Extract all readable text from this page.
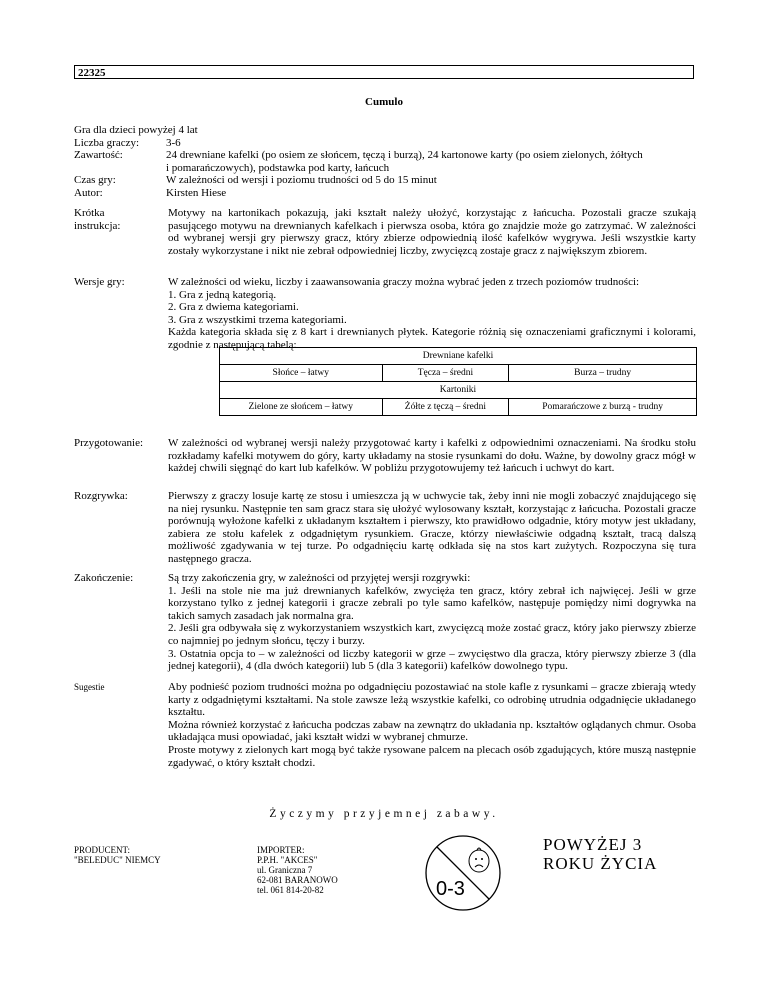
22325
Cumulo
Gra dla dzieci powyżej 4 lat
Liczba graczy:	3-6
Zawartość:	24 drewniane kafelki (po osiem ze słońcem, tęczą i burzą), 24 kartonowe karty (po osiem zielonych, żółtych
i pomarańczowych), podstawka pod karty, łańcuch
Czas gry:	W zależności od wersji i poziomu trudności od 5 do 15 minut
Autor:	Kirsten Hiese
Krótka
instrukcja:
Motywy na kartonikach pokazują, jaki kształt należy ułożyć, korzystając z łańcucha. Pozostali gracze szukają pasującego motywu na drewnianych kafelkach i pierwsza osoba, która go znajdzie może go zatrzymać. W zależności od wybranej wersji gry pierwszy gracz, który zbierze odpowiednią ilość kafelków wygrywa. Jeśli wszystkie karty zostały wykorzystane i nikt nie zebrał odpowiedniej liczby, zwycięzcą zostaje gracz z największym zbiorem.
Wersje gry:	W zależności od wieku, liczby i zaawansowania graczy można wybrać jeden z trzech poziomów trudności:

1. Gra z jedną kategorią.

2. Gra z dwiema kategoriami.

3. Gra z wszystkimi trzema kategoriami.

Każda kategoria składa się z 8 kart i drewnianych płytek. Kategorie różnią się oznaczeniami graficznymi i kolorami, zgodnie z następującą tabelą:

Drewniane kafelki		
Słońce – łatwy	Tęcza – średni	Burza – trudny
Kartoniki		
Zielone ze słońcem – łatwy	Żółte z tęczą – średni	Pomarańczowe z burzą - trudny
Przygotowanie:	W zależności od wybranej wersji należy przygotować karty i kafelki z odpowiednimi oznaczeniami. Na środku stołu rozkładamy kafelki motywem do góry, karty układamy na stosie rysunkami do dołu. Ważne, by dowolny gracz mógł w każdej chwili sięgnąć do kart lub kafelków. W pobliżu przygotowujemy też łańcuch i uchwyt do kart.
Rozgrywka:	Pierwszy z graczy losuje kartę ze stosu i umieszcza ją w uchwycie tak, żeby inni nie mogli zobaczyć znajdującego się na niej rysunku. Następnie ten sam gracz stara się ułożyć wylosowany kształt, korzystając z łańcucha. Pozostali gracze porównują wyłożone kafelki z układanym kształtem i pierwszy, kto prawidłowo odgadnie, który motyw jest układany, zabiera ze stołu kafelek z odgadniętym rysunkiem. Gracze, którzy niewłaściwie odgadną kształt, tracą dalszą możliwość zgadywania w tej turze. Po odgadnięciu kartę odkłada się na stos kart zużytych. Rozpoczyna się tura następnego gracza.
Zakończenie:	Są trzy zakończenia gry, w zależności od przyjętej wersji rozgrywki:

1. Jeśli na stole nie ma już drewnianych kafelków, zwycięża ten gracz, który zebrał ich najwięcej. Jeśli w grze korzystano tylko z jednej kategorii i gracze zebrali po tyle samo kafelków, następuje pomiędzy nimi dogrywka na takich samych zasadach jak normalna gra.

2. Jeśli gra odbywała się z wykorzystaniem wszystkich kart, zwycięzcą może zostać gracz, który jako pierwszy zbierze co najmniej po jednym słońcu, tęczy i burzy.

3. Ostatnia opcja to – w zależności od liczby kategorii w grze – zwycięstwo dla gracza, który pierwszy zbierze 3 (dla jednej kategorii), 4 (dla dwóch kategorii) lub 5 (dla 3 kategorii) kafelków dowolnego typu.

Sugestie	Aby podnieść poziom trudności można po odgadnięciu pozostawiać na stole kafle z rysunkami – gracze zbierają wtedy karty z odgadniętymi kształtami. Na stole zawsze leżą wszystkie kafelki, co odrobinę utrudnia odgadnięcie układanego kształtu.

Można również korzystać z łańcucha podczas zabaw na zewnątrz do układania np. kształtów oglądanych chmur. Osoba układająca musi opowiadać, jaki kształt widzi w wybranej chmurze.

Proste motywy z zielonych kart mogą być także rysowane palcem na plecach osób zgadujących, które muszą następnie zgadywać, o który kształt chodzi.

Życzymy przyjemnej zabawy.
PRODUCENT:
"BELEDUC" NIEMCY
IMPORTER:
P.P.H. "AKCES"
ul. Graniczna 7
62-081 BARANOWO
tel. 061 814-20-82	0-3
POWYŻEJ 3
ROKU ŻYCIA
